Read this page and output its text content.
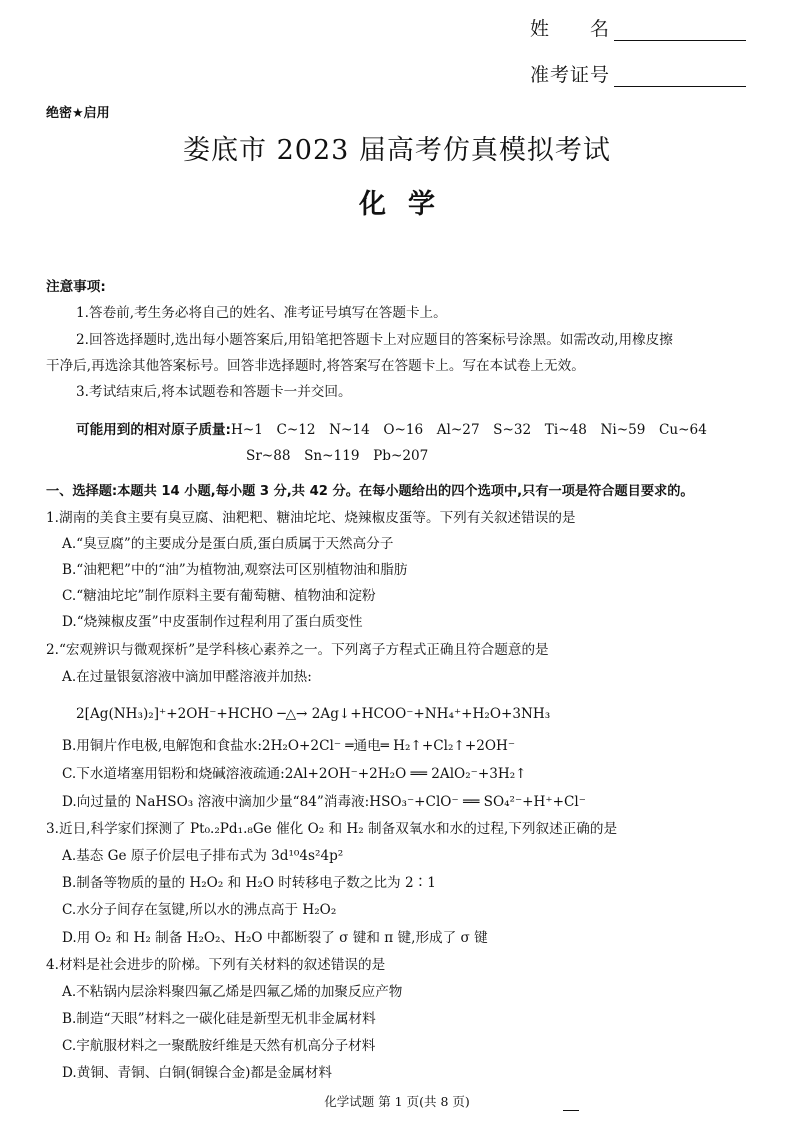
姓　　名
准考证号
绝密★启用
娄底市 2023 届高考仿真模拟考试
化学
注意事项:
1.答卷前,考生务必将自己的姓名、准考证号填写在答题卡上。
2.回答选择题时,选出每小题答案后,用铅笔把答题卡上对应题目的答案标号涂黑。如需改动,用橡皮擦
干净后,再选涂其他答案标号。回答非选择题时,将答案写在答题卡上。写在本试卷上无效。
3.考试结束后,将本试题卷和答题卡一并交回。
可能用到的相对原子质量:H~1　C~12　N~14　O~16　Al~27　S~32　Ti~48　Ni~59　Cu~64
Sr~88　Sn~119　Pb~207
一、选择题:本题共 14 小题,每小题 3 分,共 42 分。在每小题给出的四个选项中,只有一项是符合题目要求的。
1.湖南的美食主要有臭豆腐、油粑粑、糖油坨坨、烧辣椒皮蛋等。下列有关叙述错误的是
A.“臭豆腐”的主要成分是蛋白质,蛋白质属于天然高分子
B.“油粑粑”中的“油”为植物油,观察法可区别植物油和脂肪
C.“糖油坨坨”制作原料主要有葡萄糖、植物油和淀粉
D.“烧辣椒皮蛋”中皮蛋制作过程利用了蛋白质变性
2.“宏观辨识与微观探析”是学科核心素养之一。下列离子方程式正确且符合题意的是
A.在过量银氨溶液中滴加甲醛溶液并加热:
2[Ag(NH₃)₂]⁺+2OH⁻+HCHO ─△→ 2Ag↓+HCOO⁻+NH₄⁺+H₂O+3NH₃
B.用铜片作电极,电解饱和食盐水:2H₂O+2Cl⁻ ═通电═ H₂↑+Cl₂↑+2OH⁻
C.下水道堵塞用铝粉和烧碱溶液疏通:2Al+2OH⁻+2H₂O ══ 2AlO₂⁻+3H₂↑
D.向过量的 NaHSO₃ 溶液中滴加少量“84”消毒液:HSO₃⁻+ClO⁻ ══ SO₄²⁻+H⁺+Cl⁻
3.近日,科学家们探测了 Pt₀.₂Pd₁.₈Ge 催化 O₂ 和 H₂ 制备双氧水和水的过程,下列叙述正确的是
A.基态 Ge 原子价层电子排布式为 3d¹⁰4s²4p²
B.制备等物质的量的 H₂O₂ 和 H₂O 时转移电子数之比为 2∶1
C.水分子间存在氢键,所以水的沸点高于 H₂O₂
D.用 O₂ 和 H₂ 制备 H₂O₂、H₂O 中都断裂了 σ 键和 π 键,形成了 σ 键
4.材料是社会进步的阶梯。下列有关材料的叙述错误的是
A.不粘锅内层涂料聚四氟乙烯是四氟乙烯的加聚反应产物
B.制造“天眼”材料之一碳化硅是新型无机非金属材料
C.宇航服材料之一聚酰胺纤维是天然有机高分子材料
D.黄铜、青铜、白铜(铜镍合金)都是金属材料
化学试题 第 1 页(共 8 页)
